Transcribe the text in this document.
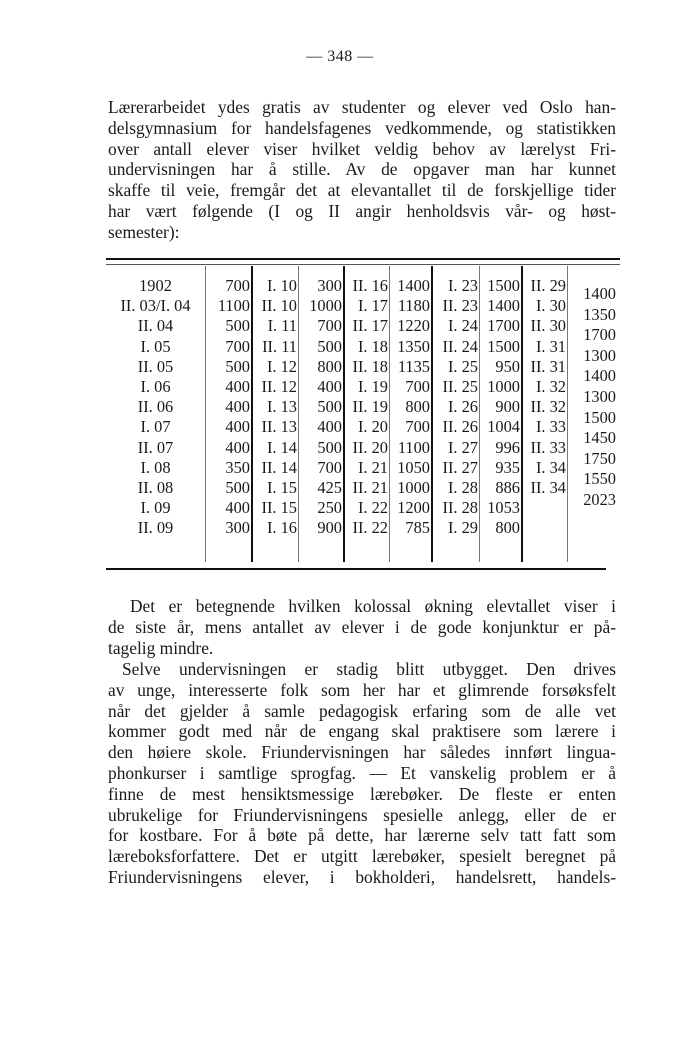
— 348 —
Lærerarbeidet ydes gratis av studenter og elever ved Oslo han-
delsgymnasium for handelsfagenes vedkommende, og statistikken
over antall elever viser hvilket veldig behov av lærelyst Fri-
undervisningen har å stille. Av de opgaver man har kunnet
skaffe til veie, fremgår det at elevantallet til de forskjellige tider
har vært følgende (I og II angir henholdsvis vår- og høst-
semester):
1902
II. 03/I. 04
II. 04
I. 05
II. 05
I. 06
II. 06
I. 07
II. 07
I. 08
II. 08
I. 09
II. 09
700
1100
500
700
500
400
400
400
400
350
500
400
300
I. 10
II. 10
I. 11
II. 11
I. 12
II. 12
I. 13
II. 13
I. 14
II. 14
I. 15
II. 15
I. 16
300
1000
700
500
800
400
500
400
500
700
425
250
900
II. 16
I. 17
II. 17
I. 18
II. 18
I. 19
II. 19
I. 20
II. 20
I. 21
II. 21
I. 22
II. 22
1400
1180
1220
1350
1135
700
800
700
1100
1050
1000
1200
785
I. 23
II. 23
I. 24
II. 24
I. 25
II. 25
I. 26
II. 26
I. 27
II. 27
I. 28
II. 28
I. 29
1500
1400
1700
1500
950
1000
900
1004
996
935
886
1053
800
II. 29
I. 30
II. 30
I. 31
II. 31
I. 32
II. 32
I. 33
II. 33
I. 34
II. 34
1400
1350
1700
1300
1400
1300
1500
1450
1750
1550
2023
Det er betegnende hvilken kolossal økning elevtallet viser i
de siste år, mens antallet av elever i de gode konjunktur er på-
tagelig mindre.
Selve undervisningen er stadig blitt utbygget. Den drives
av unge, interesserte folk som her har et glimrende forsøksfelt
når det gjelder å samle pedagogisk erfaring som de alle vet
kommer godt med når de engang skal praktisere som lærere i
den høiere skole. Friundervisningen har således innført lingua-
phonkurser i samtlige sprogfag. — Et vanskelig problem er å
finne de mest hensiktsmessige lærebøker. De fleste er enten
ubrukelige for Friundervisningens spesielle anlegg, eller de er
for kostbare. For å bøte på dette, har lærerne selv tatt fatt som
læreboksforfattere. Det er utgitt lærebøker, spesielt beregnet på
Friundervisningens elever, i bokholderi, handelsrett, handels-
